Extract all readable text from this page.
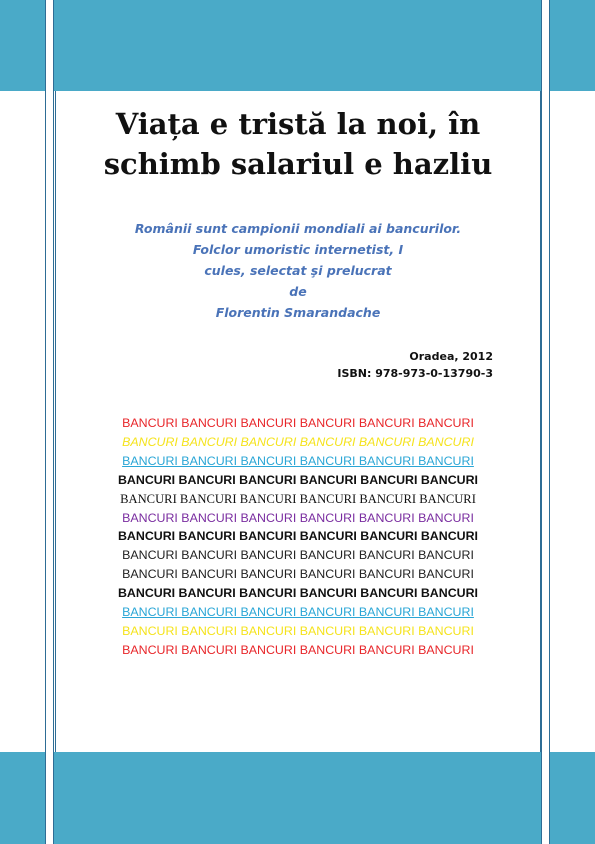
Viața e tristă la noi, în
schimb salariul e hazliu
Românii sunt campionii mondiali ai bancurilor.
Folclor umoristic internetist, I
cules, selectat şi prelucrat
de
Florentin Smarandache
Oradea, 2012
ISBN: 978-973-0-13790-3
BANCURI BANCURI BANCURI BANCURI BANCURI BANCURI
BANCURI BANCURI BANCURI BANCURI BANCURI BANCURI
BANCURI BANCURI BANCURI BANCURI BANCURI BANCURI
BANCURI BANCURI BANCURI BANCURI BANCURI BANCURI
BANCURI BANCURI BANCURI BANCURI BANCURI BANCURI
BANCURI BANCURI BANCURI BANCURI BANCURI BANCURI
BANCURI BANCURI BANCURI BANCURI BANCURI BANCURI
BANCURI BANCURI BANCURI BANCURI BANCURI BANCURI
BANCURI BANCURI BANCURI BANCURI BANCURI BANCURI
BANCURI BANCURI BANCURI BANCURI BANCURI BANCURI
BANCURI BANCURI BANCURI BANCURI BANCURI BANCURI
BANCURI BANCURI BANCURI BANCURI BANCURI BANCURI
BANCURI BANCURI BANCURI BANCURI BANCURI BANCURI
